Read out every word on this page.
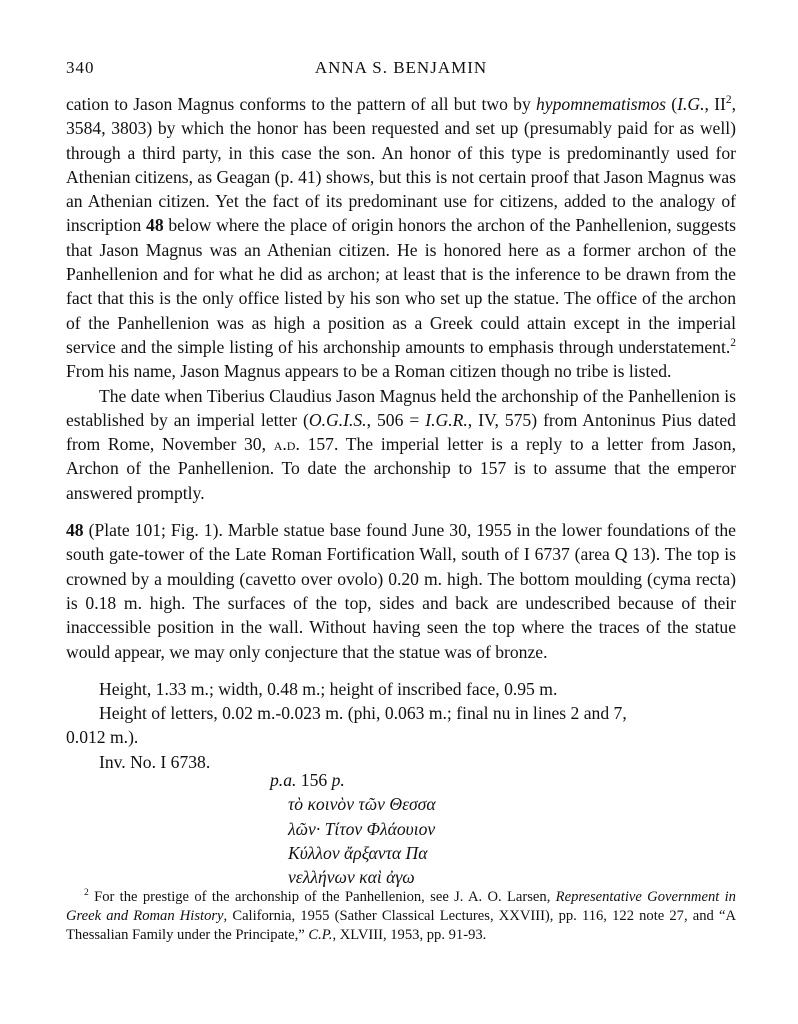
340	ANNA S. BENJAMIN

cation to Jason Magnus conforms to the pattern of all but two by hypomnematismos (I.G., $II^2$, 3584, 3803) by which the honor has been requested and set up (presumably paid for as well) through a third party, in this case the son. An honor of this type is predominantly used for Athenian citizens, as Geagan (p. 41) shows, but this is not certain proof that Jason Magnus was an Athenian citizen. Yet the fact of its predominant use for citizens, added to the analogy of inscription 48 below where the place of origin honors the archon of the Panhellenion, suggests that Jason Magnus was an Athenian citizen. He is honored here as a former archon of the Panhellenion and for what he did as archon; at least that is the inference to be drawn from the fact that this is the only office listed by his son who set up the statue. The office of the archon of the Panhellenion was as high a position as a Greek could attain except in the imperial service and the simple listing of his archonship amounts to emphasis through understatement.$^2$ From his name, Jason Magnus appears to be a Roman citizen though no tribe is listed.

The date when Tiberius Claudius Jason Magnus held the archonship of the Panhellenion is established by an imperial letter (O.G.I.S., 506 = I.G.R., IV, 575) from Antoninus Pius dated from Rome, November 30, a.d. 157. The imperial letter is a reply to a letter from Jason, Archon of the Panhellenion. To date the archonship to 157 is to assume that the emperor answered promptly.

48 (Plate 101; Fig. 1). Marble statue base found June 30, 1955 in the lower foundations of the south gate-tower of the Late Roman Fortification Wall, south of I 6737 (area Q 13). The top is crowned by a moulding (cavetto over ovolo) 0.20 m. high. The bottom moulding (cyma recta) is 0.18 m. high. The surfaces of the top, sides and back are undescribed because of their inaccessible position in the wall. Without having seen the top where the traces of the statue would appear, we may only conjecture that the statue was of bronze.

Height, 1.33 m.; width, 0.48 m.; height of inscribed face, 0.95 m.
Height of letters, 0.02 m.-0.023 m. (phi, 0.063 m.; final nu in lines 2 and 7,
0.012 m.).
Inv. No. I 6738.
p.a. 156 p.
τὸ κοινὸν τῶν Θεσσα
λῶν· Τίτον Φλάουιον
Κύλλον ἄρξαντα Πα
νελλήνων καὶ ἀγω
$^2$ For the prestige of the archonship of the Panhellenion, see J. A. O. Larsen, Representative Government in Greek and Roman History, California, 1955 (Sather Classical Lectures, XXVIII), pp. 116, 122 note 27, and “A Thessalian Family under the Principate,” C.P., XLVIII, 1953, pp. 91-93.
